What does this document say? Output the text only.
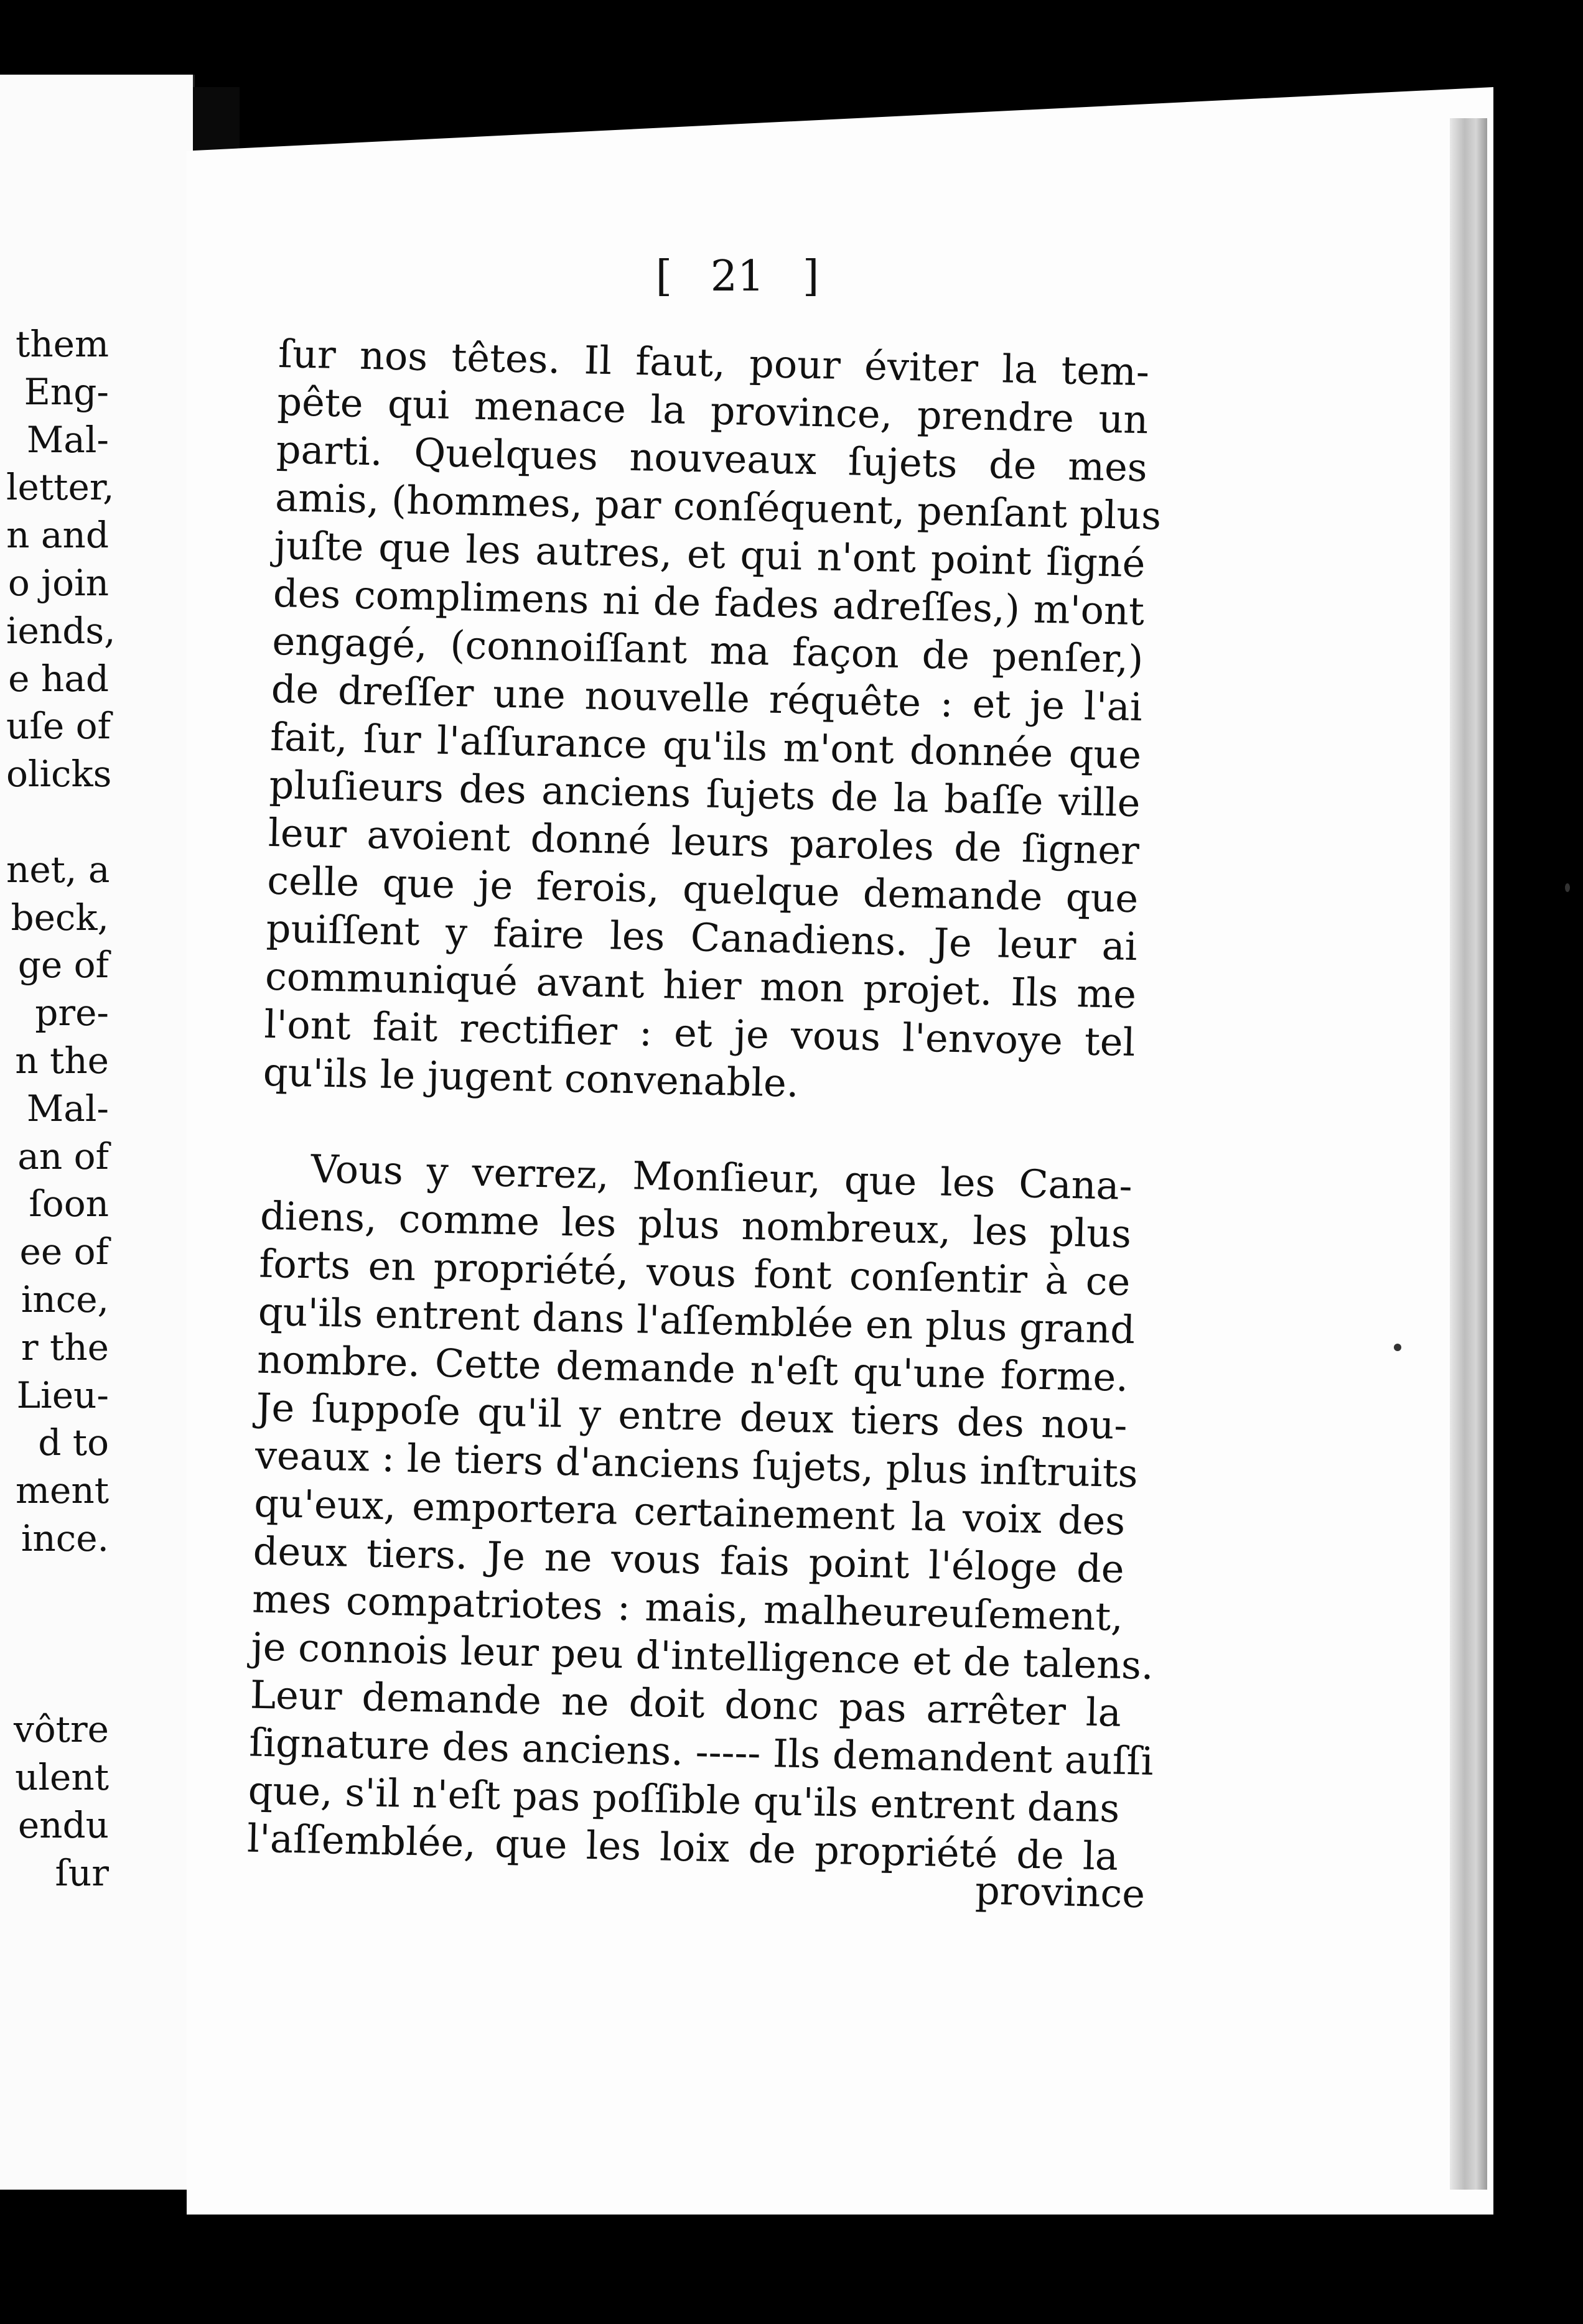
them
Eng-
Mal-
letter,
n and
o join
iends,
e had
uſe of
olicks
net, a
beck,
ge of
pre-
n the
Mal-
an of
ſoon
ee of
ince,
r the
Lieu-
d to
ment
ince.
vôtre
ulent
endu
ſur
[ 21 ]
ſur nos têtes. Il faut, pour éviter la tem-
pête qui menace la province, prendre un
parti. Quelques nouveaux ſujets de mes
amis, (hommes, par conſéquent, penſant plus
juſte que les autres, et qui n'ont point ſigné
des complimens ni de fades adreſſes,) m'ont
engagé, (connoiſſant ma façon de penſer,)
de dreſſer une nouvelle réquête : et je l'ai
fait, ſur l'aſſurance qu'ils m'ont donnée que
pluſieurs des anciens ſujets de la baſſe ville
leur avoient donné leurs paroles de ſigner
celle que je ferois, quelque demande que
puiſſent y faire les Canadiens. Je leur ai
communiqué avant hier mon projet. Ils me
l'ont fait rectifier : et je vous l'envoye tel
qu'ils le jugent convenable.
Vous y verrez, Monſieur, que les Cana-
diens, comme les plus nombreux, les plus
forts en propriété, vous font conſentir à ce
qu'ils entrent dans l'aſſemblée en plus grand
nombre. Cette demande n'eſt qu'une forme.
Je ſuppoſe qu'il y entre deux tiers des nou-
veaux : le tiers d'anciens ſujets, plus inſtruits
qu'eux, emportera certainement la voix des
deux tiers. Je ne vous fais point l'éloge de
mes compatriotes : mais, malheureuſement,
je connois leur peu d'intelligence et de talens.
Leur demande ne doit donc pas arrêter la
ſignature des anciens. ----- Ils demandent auſſi
que, s'il n'eſt pas poſſible qu'ils entrent dans
l'aſſemblée, que les loix de propriété de la
province
